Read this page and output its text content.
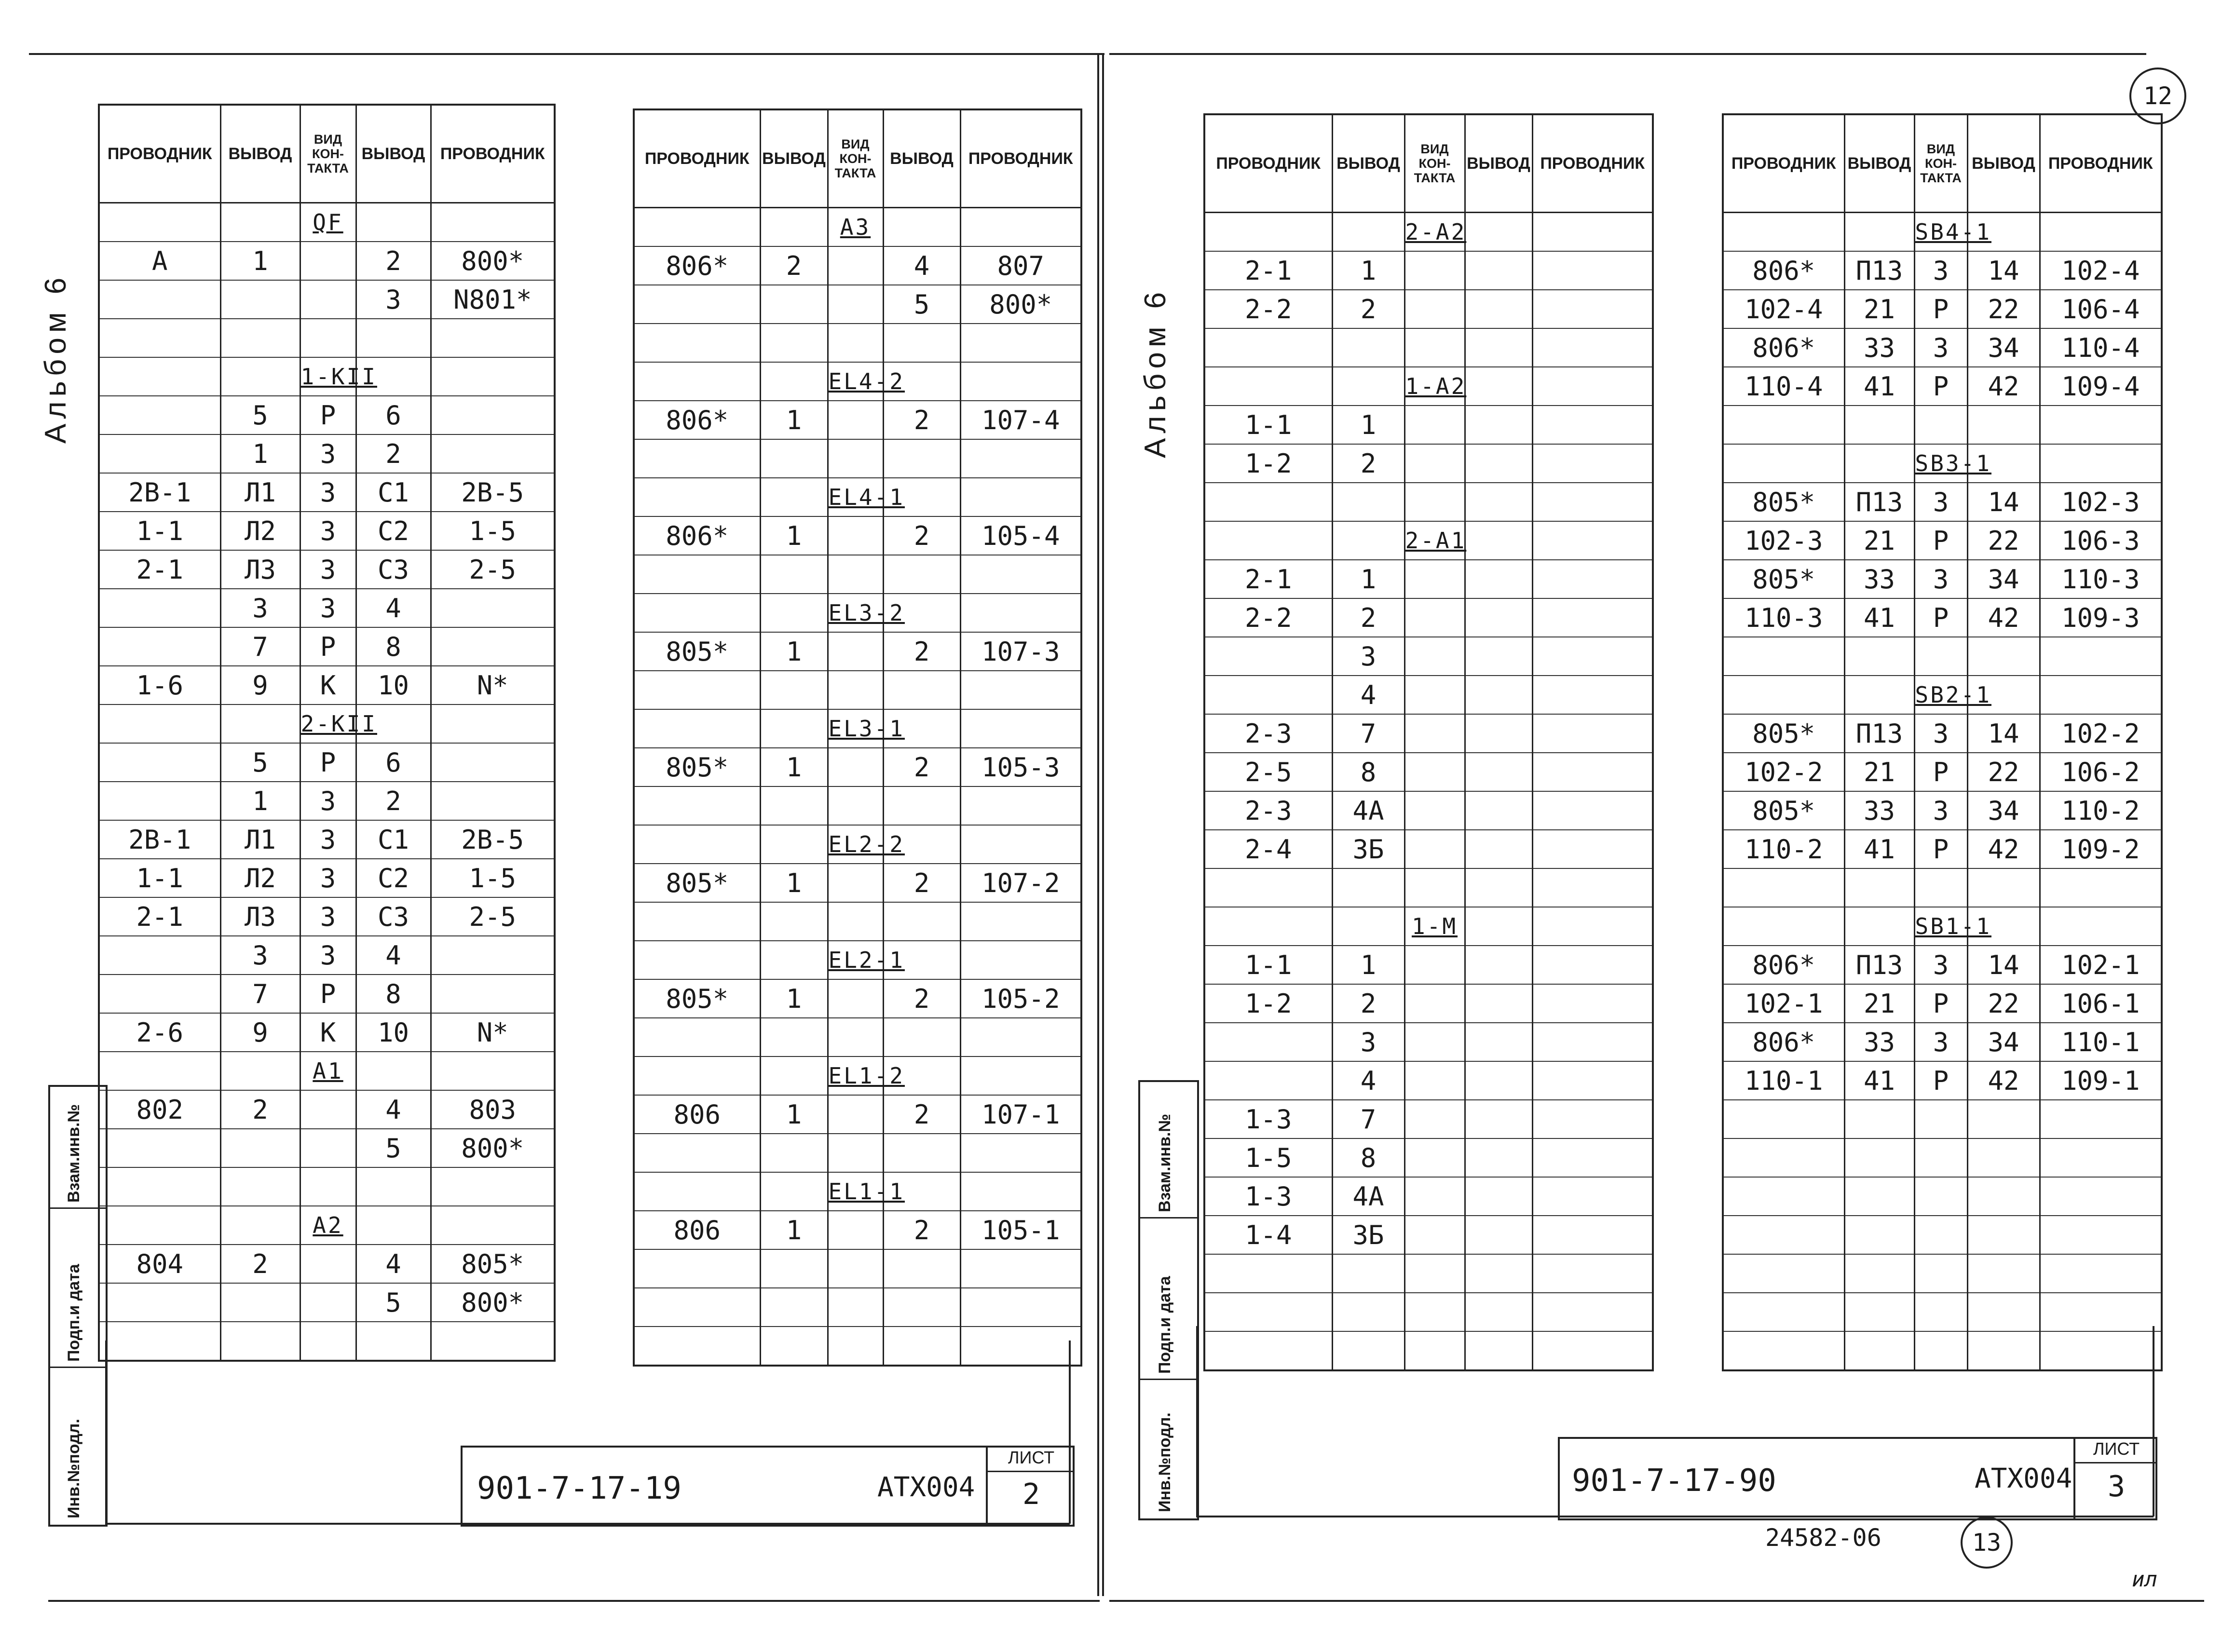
Альбом 6
ПРОВОДНИК	ВЫВОД	ВИД КОН- ТАКТА	ВЫВОД	ПРОВОДНИК
		QF		
А	1		2	800*
			3	N801*

		1-KII		
	5	Р	6	
	1	3	2	
2В-1	Л1	3	С1	2В-5
1-1	Л2	3	С2	1-5
2-1	Л3	3	С3	2-5
	3	3	4	
	7	Р	8	
1-6	9	К	10	N*
		2-KII		
	5	Р	6	
	1	3	2	
2В-1	Л1	3	С1	2В-5
1-1	Л2	3	С2	1-5
2-1	Л3	3	С3	2-5
	3	3	4	
	7	Р	8	
2-6	9	К	10	N*
		А1		
802	2		4	803
			5	800*

		А2		
804	2		4	805*
			5	800*

ПРОВОДНИК	ВЫВОД	ВИД КОН- ТАКТА	ВЫВОД	ПРОВОДНИК
		А3		
806*	2		4	807
			5	800*

		EL4-2		
806*	1		2	107-4

		EL4-1		
806*	1		2	105-4

		EL3-2		
805*	1		2	107-3

		EL3-1		
805*	1		2	105-3

		EL2-2		
805*	1		2	107-2

		EL2-1		
805*	1		2	105-2

		EL1-2		
806	1		2	107-1

		EL1-1		
806	1		2	105-1

Взам.инв.№
Подп.и дата
Инв.№подл.	901-7-17-19	АТХ004
ЛИСТ
2
12
Альбом 6
ПРОВОДНИК	ВЫВОД	ВИД КОН- ТАКТА	ВЫВОД	ПРОВОДНИК
		2-А2		
2-1	1			
2-2	2			

		1-А2		
1-1	1			
1-2	2			

		2-А1		
2-1	1			
2-2	2			
	3			
	4			
2-3	7			
2-5	8			
2-3	4А			
2-4	3Б			

		1-М		
1-1	1			
1-2	2			
	3			
	4			
1-3	7			
1-5	8			
1-3	4А			
1-4	3Б			

ПРОВОДНИК	ВЫВОД	ВИД КОН- ТАКТА	ВЫВОД	ПРОВОДНИК
		SB4-1		
806*	П13	3	14	102-4
102-4	21	Р	22	106-4
806*	33	3	34	110-4
110-4	41	Р	42	109-4

		SB3-1		
805*	П13	3	14	102-3
102-3	21	Р	22	106-3
805*	33	3	34	110-3
110-3	41	Р	42	109-3

		SB2-1		
805*	П13	3	14	102-2
102-2	21	Р	22	106-2
805*	33	3	34	110-2
110-2	41	Р	42	109-2

		SB1-1		
806*	П13	3	14	102-1
102-1	21	Р	22	106-1
806*	33	3	34	110-1
110-1	41	Р	42	109-1

Взам.инв.№
Подп.и дата
Инв.№подл.	901-7-17-90	АТХ004
ЛИСТ
3
24582-06	13
ил
